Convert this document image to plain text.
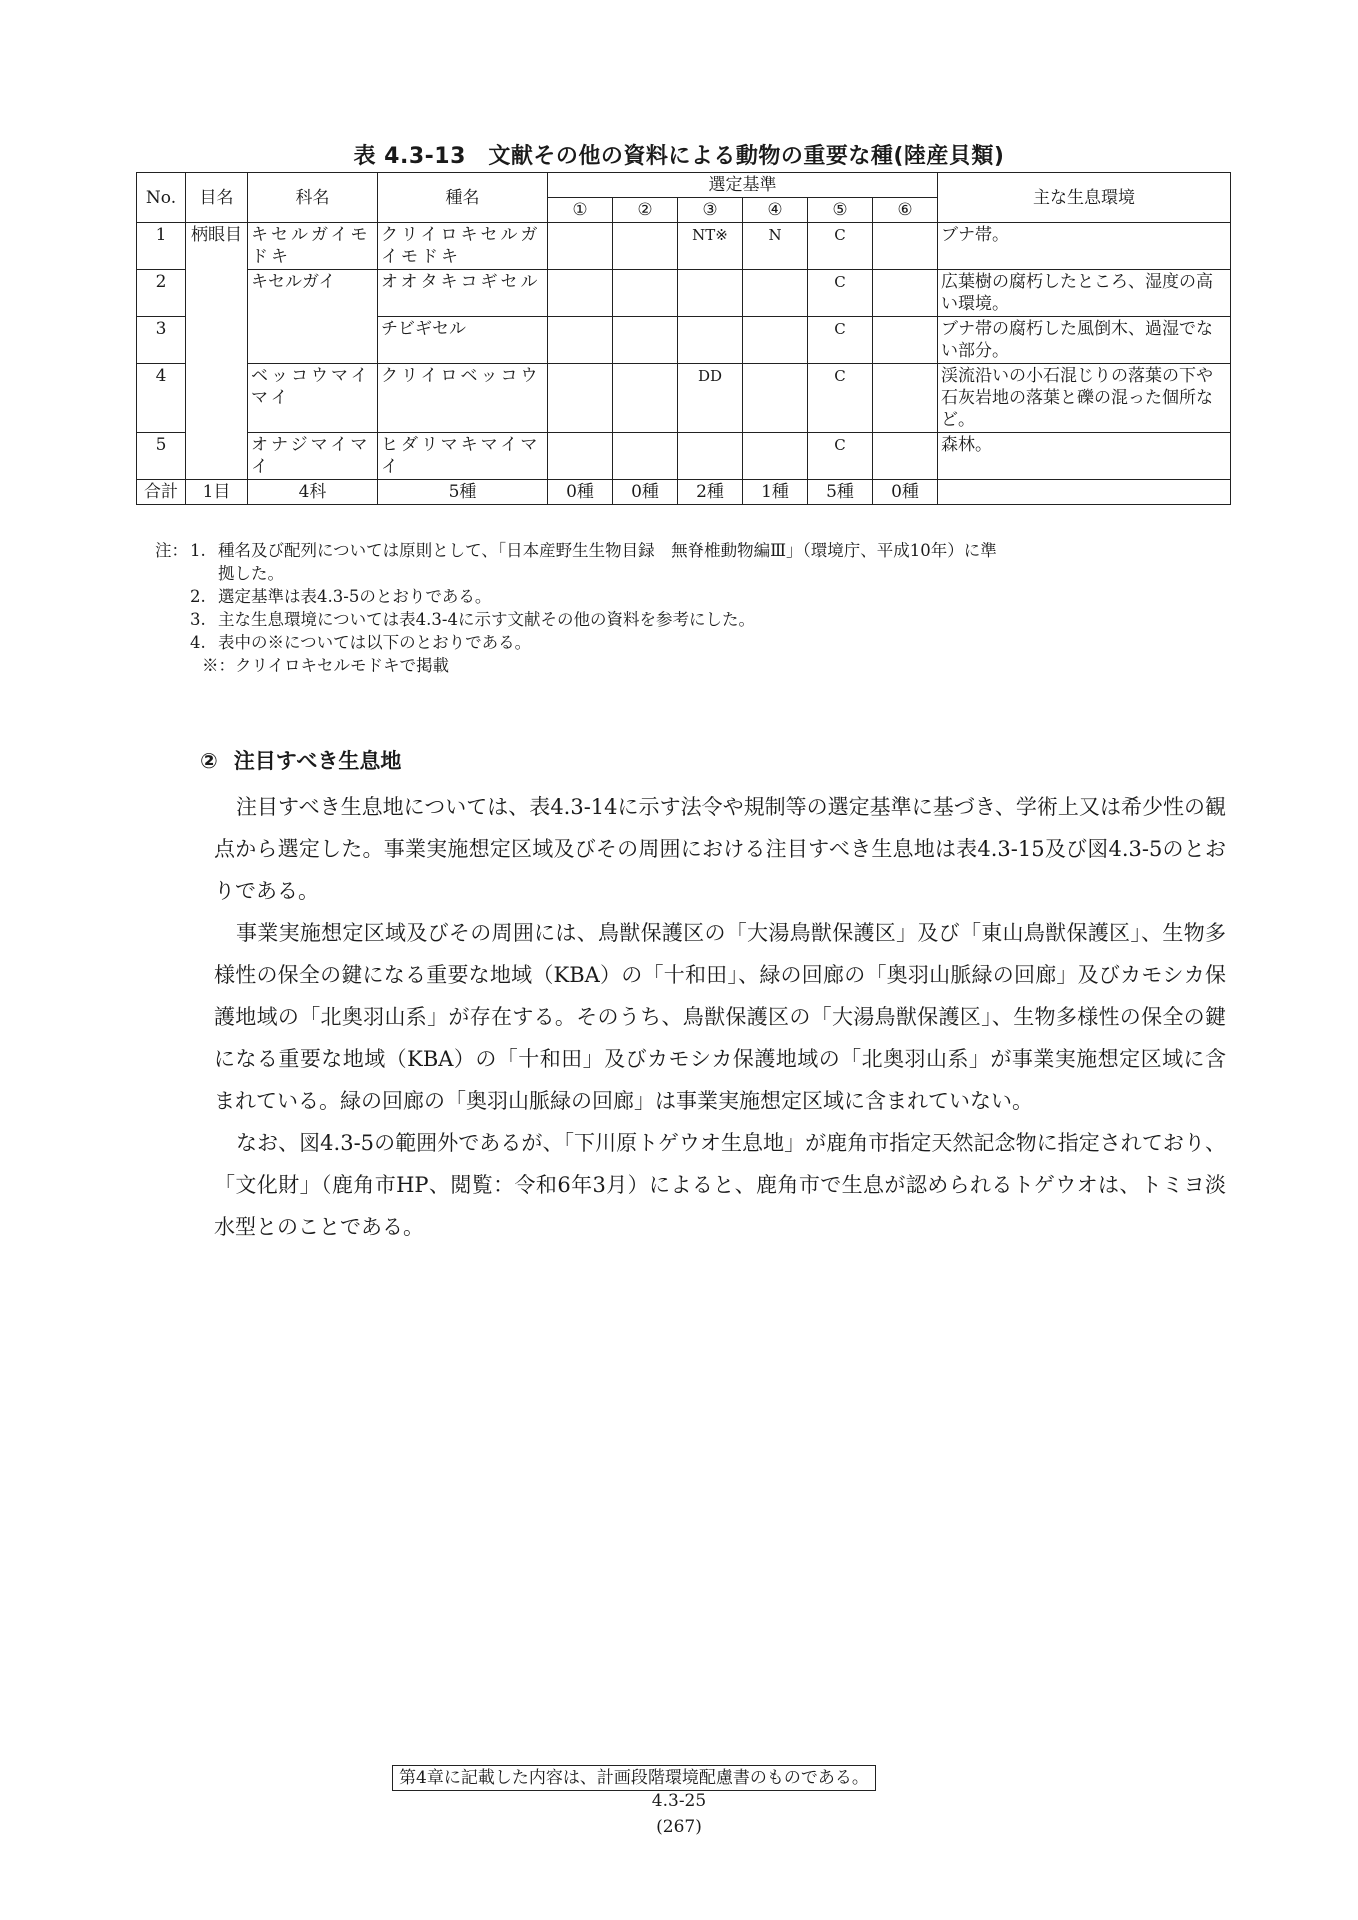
表 4.3-13　文献その他の資料による動物の重要な種(陸産貝類)
No.	目名	科名	種名	選定基準						主な生息環境
				①	②	③	④	⑤	⑥	
1	柄眼目	キセルガイモドキ	クリイロキセルガイモドキ			NT※	N	C		ブナ帯。
2		キセルガイ	オオタキコギセル					C		広葉樹の腐朽したところ、湿度の高い環境。
3			チビギセル					C		ブナ帯の腐朽した風倒木、過湿でない部分。
4		ベッコウマイマイ	クリイロベッコウ			DD		C		渓流沿いの小石混じりの落葉の下や石灰岩地の落葉と礫の混った個所など。
5		オナジマイマイ	ヒダリマキマイマイ					C		森林。
合計	1目	4科	5種	0種	0種	2種	1種	5種	0種	
注： 1. 種名及び配列については原則として、「日本産野生生物目録　無脊椎動物編Ⅲ」（環境庁、平成10年）に準
拠した。
2. 選定基準は表4.3-5のとおりである。
3. 主な生息環境については表4.3-4に示す文献その他の資料を参考にした。
4. 表中の※については以下のとおりである。
※：クリイロキセルモドキで掲載
② 注目すべき生息地

注目すべき生息地については、表4.3-14に示す法令や規制等の選定基準に基づき、学術上又は希少性の観点から選定した。事業実施想定区域及びその周囲における注目すべき生息地は表4.3-15及び図4.3-5のとおりである。

事業実施想定区域及びその周囲には、鳥獣保護区の「大湯鳥獣保護区」及び「東山鳥獣保護区」、生物多様性の保全の鍵になる重要な地域（KBA）の「十和田」、緑の回廊の「奥羽山脈緑の回廊」及びカモシカ保護地域の「北奥羽山系」が存在する。そのうち、鳥獣保護区の「大湯鳥獣保護区」、生物多様性の保全の鍵になる重要な地域（KBA）の「十和田」及びカモシカ保護地域の「北奥羽山系」が事業実施想定区域に含まれている。緑の回廊の「奥羽山脈緑の回廊」は事業実施想定区域に含まれていない。

なお、図4.3-5の範囲外であるが、「下川原トゲウオ生息地」が鹿角市指定天然記念物に指定されており、「文化財」（鹿角市HP、閲覧：令和6年3月）によると、鹿角市で生息が認められるトゲウオは、トミヨ淡水型とのことである。

第4章に記載した内容は、計画段階環境配慮書のものである。
4.3-25
(267)
